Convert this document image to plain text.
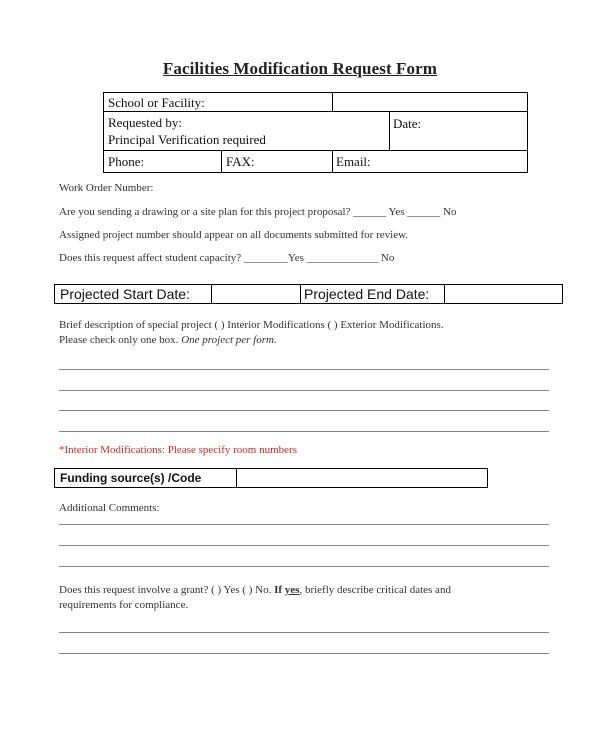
Facilities Modification Request Form
School or Facility:
Requested by:
Principal Verification required
Date:
Phone:	FAX:	Email:
Work Order Number:
Are you sending a drawing or a site plan for this project proposal? ______ Yes ______ No
Assigned project number should appear on all documents submitted for review.
Does this request affect student capacity? ________Yes _____________ No
Projected Start Date:	Projected End Date:
Brief description of special project ( ) Interior Modifications ( ) Exterior Modifications.
Please check only one box. One project per form.
*Interior Modifications: Please specify room numbers
Funding source(s) /Code
Additional Comments:
Does this request involve a grant? ( ) Yes ( ) No. If yes, briefly describe critical dates and
requirements for compliance.
